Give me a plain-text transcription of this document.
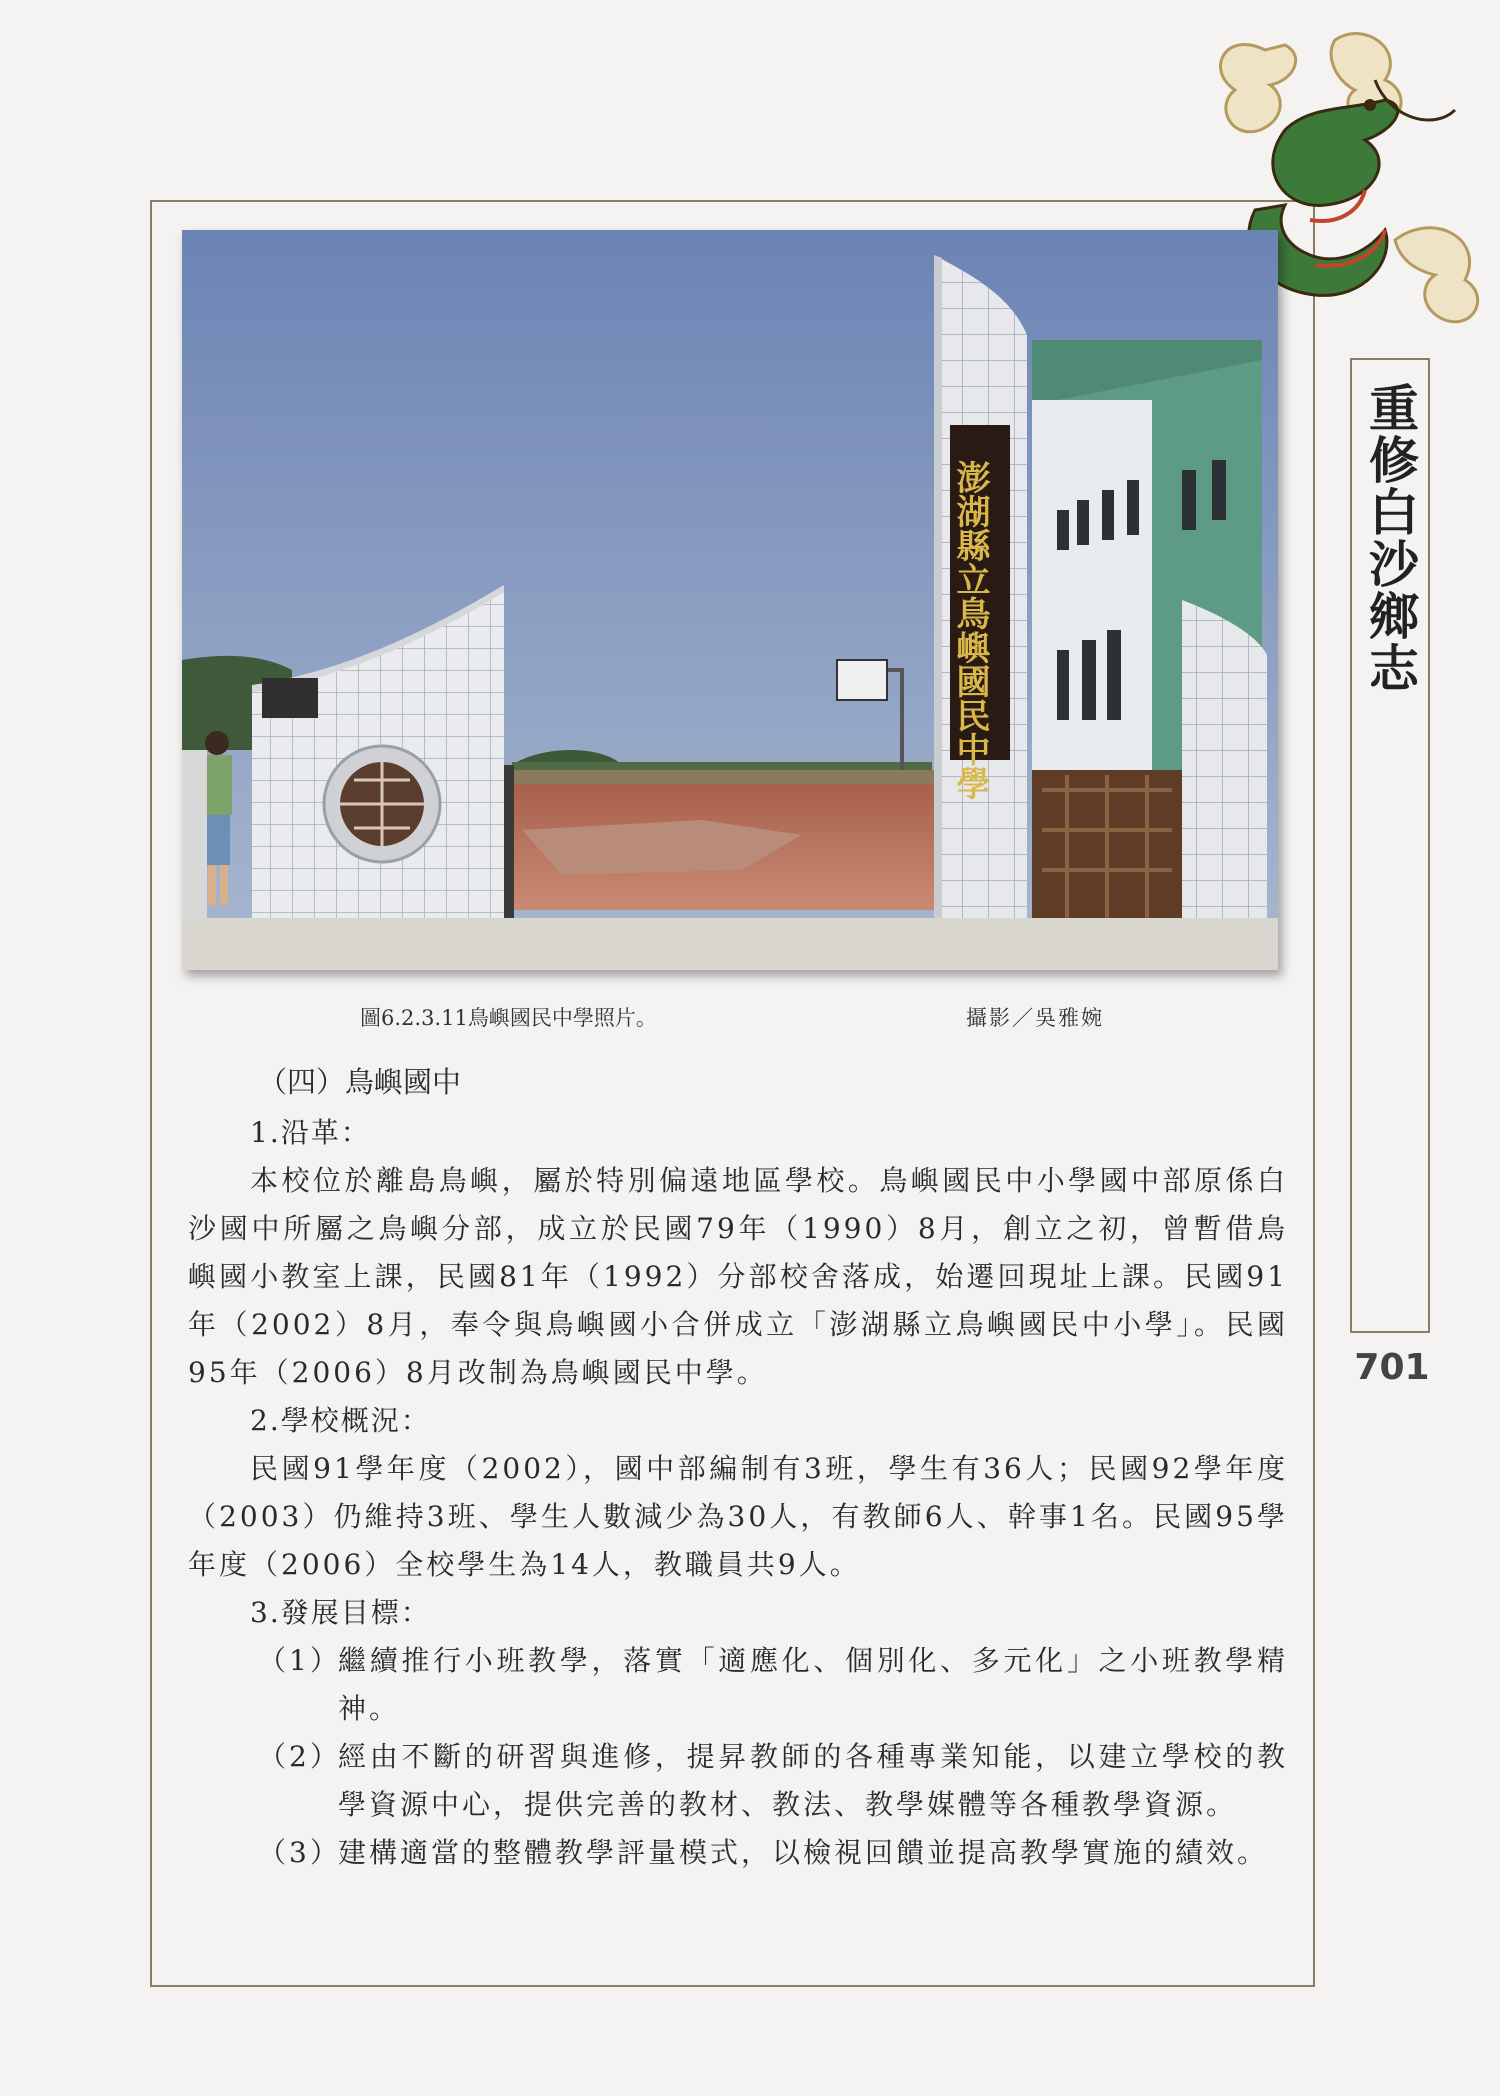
重修白沙鄉志
701
澎湖縣立鳥嶼國民中學
圖6.2.3.11鳥嶼國民中學照片。	攝影／吳雅婉
（四）鳥嶼國中
1.沿革：
本校位於離島鳥嶼，屬於特別偏遠地區學校。鳥嶼國民中小學國中部原係白沙國中所屬之鳥嶼分部，成立於民國79年（1990）8月，創立之初，曾暫借鳥嶼國小教室上課，民國81年（1992）分部校舍落成，始遷回現址上課。民國91年（2002）8月，奉令與鳥嶼國小合併成立「澎湖縣立鳥嶼國民中小學」。民國95年（2006）8月改制為鳥嶼國民中學。
2.學校概況：
民國91學年度（2002），國中部編制有3班，學生有36人；民國92學年度（2003）仍維持3班、學生人數減少為30人，有教師6人、幹事1名。民國95學年度（2006）全校學生為14人，教職員共9人。
3.發展目標：
（1）
繼續推行小班教學，落實「適應化、個別化、多元化」之小班教學精神。
（2）
經由不斷的研習與進修，提昇教師的各種專業知能，以建立學校的教學資源中心，提供完善的教材、教法、教學媒體等各種教學資源。
（3）
建構適當的整體教學評量模式，以檢視回饋並提高教學實施的績效。
